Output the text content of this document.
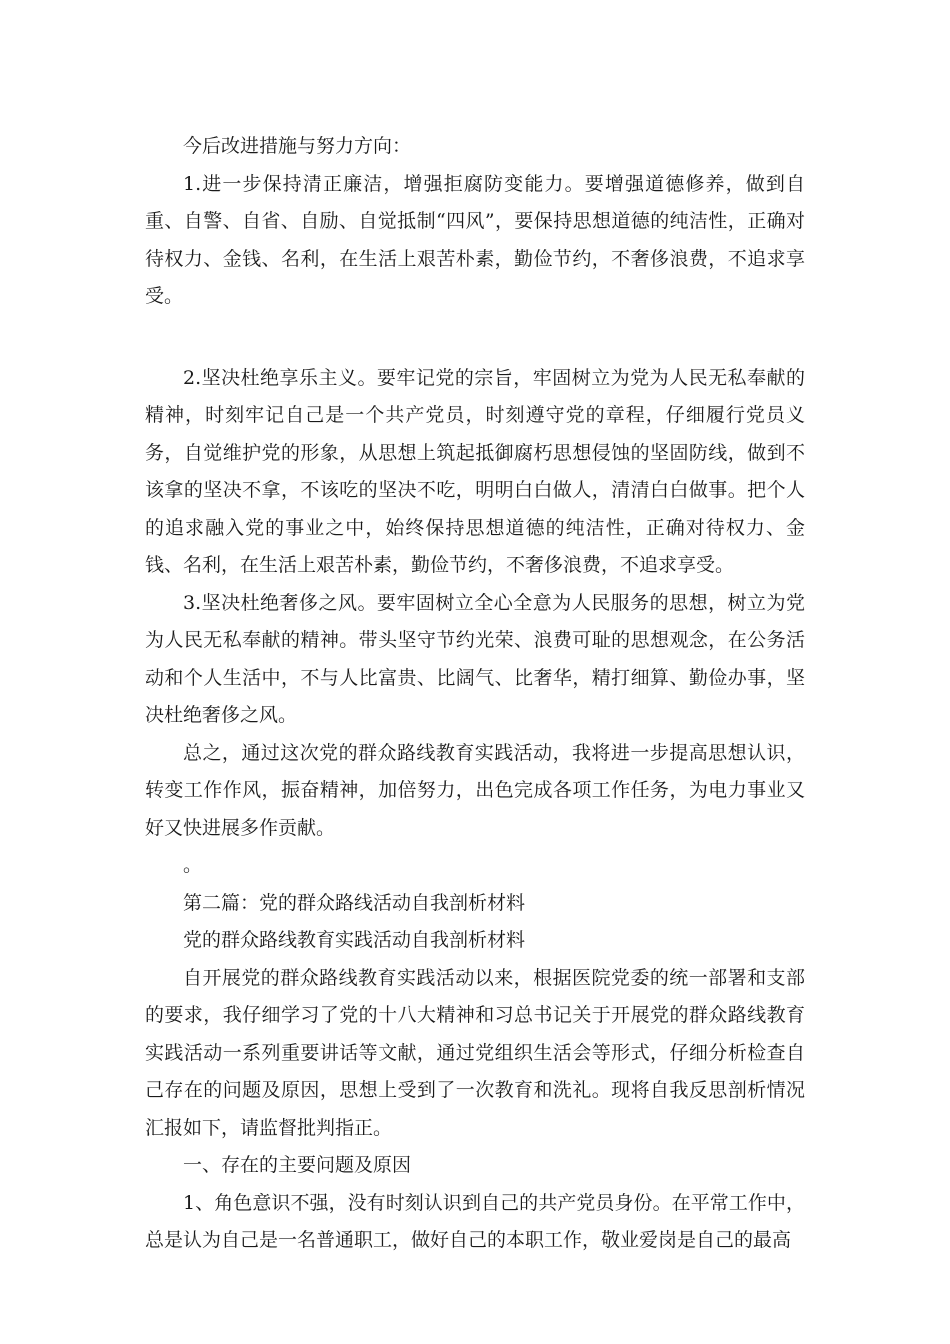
今后改进措施与努力方向：

1.进一步保持清正廉洁，增强拒腐防变能力。要增强道德修养，做到自重、自警、自省、自励、自觉抵制“四风”，要保持思想道德的纯洁性，正确对待权力、金钱、名利，在生活上艰苦朴素，勤俭节约，不奢侈浪费，不追求享受。

2.坚决杜绝享乐主义。要牢记党的宗旨，牢固树立为党为人民无私奉献的精神，时刻牢记自己是一个共产党员，时刻遵守党的章程，仔细履行党员义务，自觉维护党的形象，从思想上筑起抵御腐朽思想侵蚀的坚固防线，做到不该拿的坚决不拿，不该吃的坚决不吃，明明白白做人，清清白白做事。把个人的追求融入党的事业之中，始终保持思想道德的纯洁性，正确对待权力、金钱、名利，在生活上艰苦朴素，勤俭节约，不奢侈浪费，不追求享受。

3.坚决杜绝奢侈之风。要牢固树立全心全意为人民服务的思想，树立为党为人民无私奉献的精神。带头坚守节约光荣、浪费可耻的思想观念，在公务活动和个人生活中，不与人比富贵、比阔气、比奢华，精打细算、勤俭办事，坚决杜绝奢侈之风。

总之，通过这次党的群众路线教育实践活动，我将进一步提高思想认识，转变工作作风，振奋精神，加倍努力，出色完成各项工作任务，为电力事业又好又快进展多作贡献。

。

第二篇：党的群众路线活动自我剖析材料

党的群众路线教育实践活动自我剖析材料

自开展党的群众路线教育实践活动以来，根据医院党委的统一部署和支部的要求，我仔细学习了党的十八大精神和习总书记关于开展党的群众路线教育实践活动一系列重要讲话等文献，通过党组织生活会等形式，仔细分析检查自己存在的问题及原因，思想上受到了一次教育和洗礼。现将自我反思剖析情况汇报如下，请监督批判指正。

一、存在的主要问题及原因

1、角色意识不强，没有时刻认识到自己的共产党员身份。在平常工作中，总是认为自己是一名普通职工，做好自己的本职工作，敬业爱岗是自己的最高
